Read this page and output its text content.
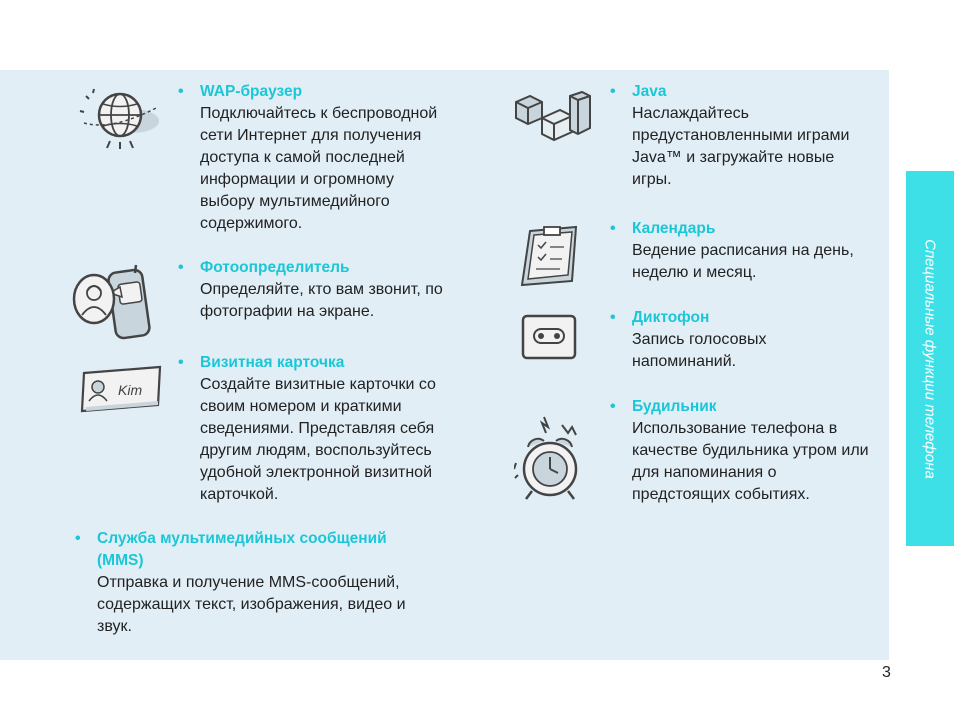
Специальные функции телефона
3
Kim
• WAP-браузер
Подключайтесь к беспроводной
сети Интернет для получения
доступа к самой последней
информации и огромному
выбору мультимедийного
содержимого.
• Фотоопределитель
Определяйте, кто вам звонит, по
фотографии на экране.
• Визитная карточка
Создайте визитные карточки со
своим номером и краткими
сведениями. Представляя себя
другим людям, воспользуйтесь
удобной электронной визитной
карточкой.
• Служба мультимедийных сообщений
(MMS)
Отправка и получение MMS-сообщений,
содержащих текст, изображения, видео и
звук.
• Java
Наслаждайтесь
предустановленными играми
Java™ и загружайте новые
игры.
• Календарь
Ведение расписания на день,
неделю и месяц.
• Диктофон
Запись голосовых
напоминаний.
• Будильник
Использование телефона в
качестве будильника утром или
для напоминания о
предстоящих событиях.
